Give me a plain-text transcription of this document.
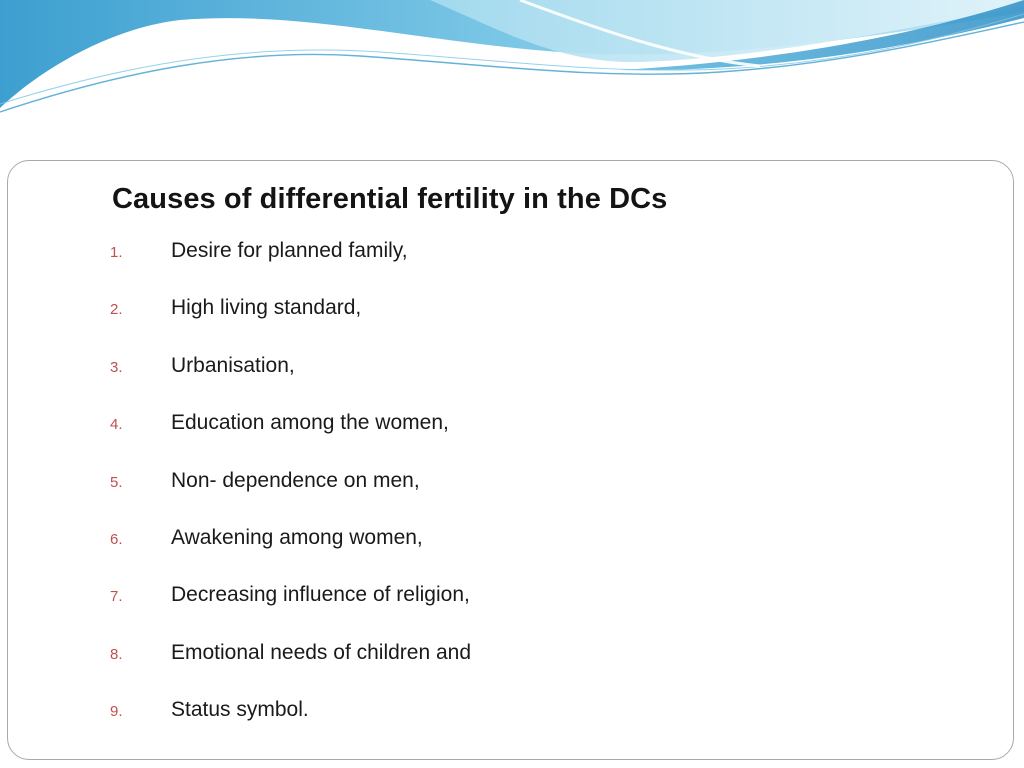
Causes of differential fertility in the DCs
1.	Desire for planned family,
2.	High living standard,
3.	Urbanisation,
4.	Education among the women,
5.	Non- dependence on men,
6.	Awakening among women,
7.	Decreasing influence of religion,
8.	Emotional needs of children and
9.	Status symbol.
